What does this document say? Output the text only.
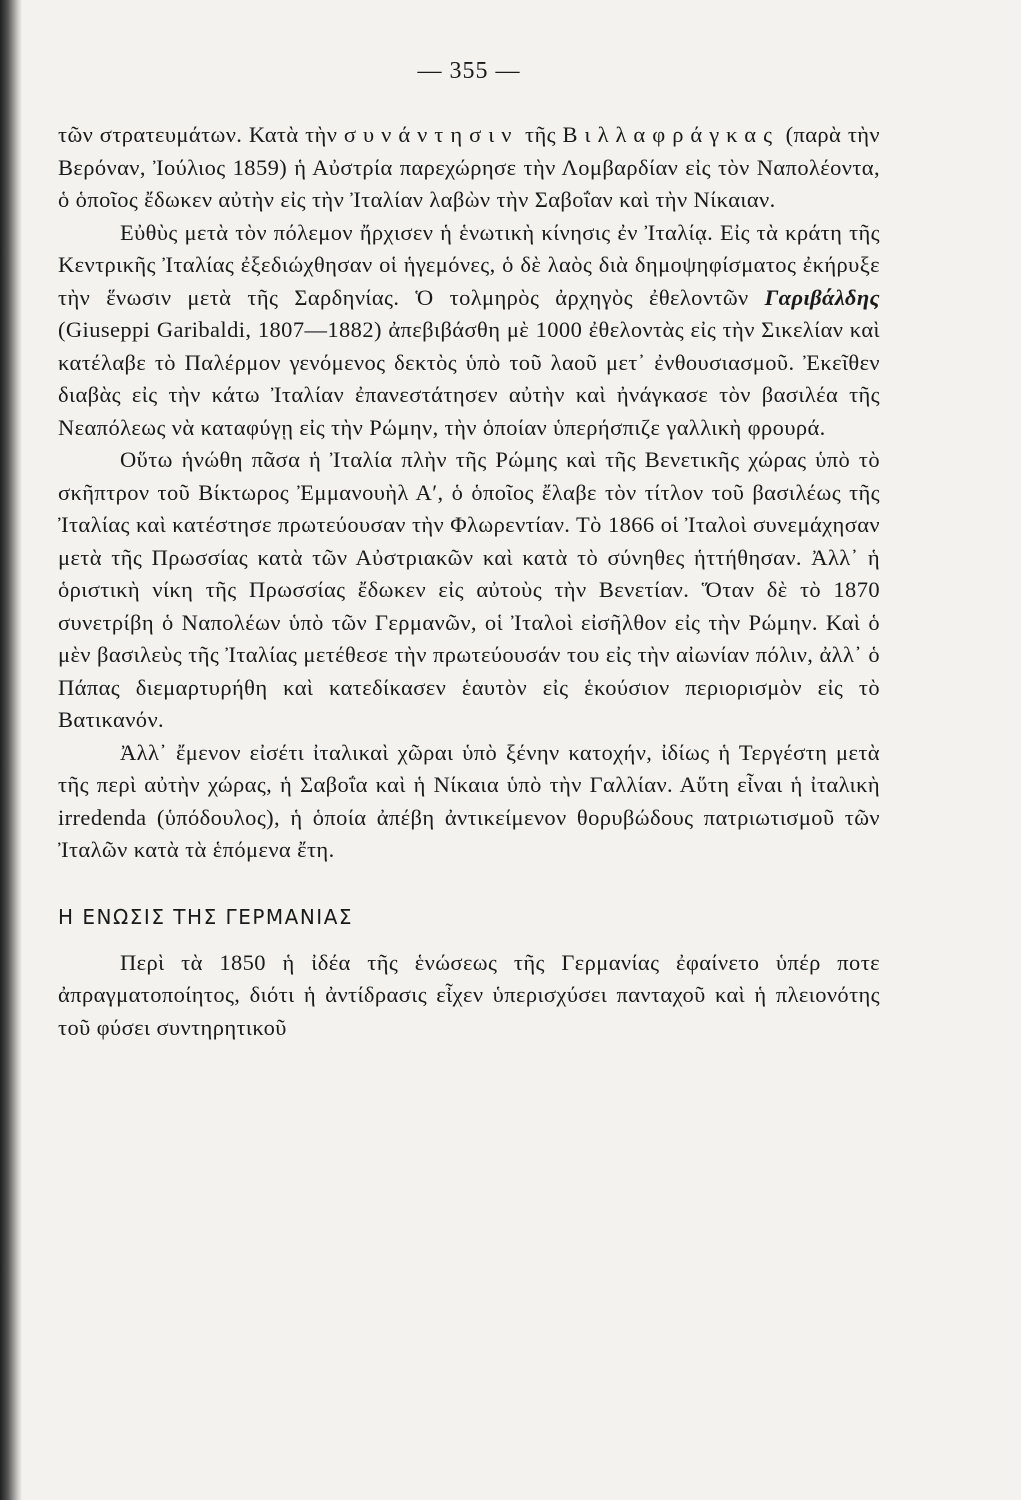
— 355 —

τῶν στρατευμάτων. Κατὰ τὴν συνάντησιν τῆς Βιλλαφράγκας (παρὰ τὴν Βερόναν, Ἰούλιος 1859) ἡ Αὐστρία παρεχώρησε τὴν Λομβαρδίαν εἰς τὸν Ναπολέοντα, ὁ ὁποῖος ἔδωκεν αὐτὴν εἰς τὴν Ἰταλίαν λαβὼν τὴν Σαβοΐαν καὶ τὴν Νίκαιαν.

Εὐθὺς μετὰ τὸν πόλεμον ἤρχισεν ἡ ἑνωτικὴ κίνησις ἐν Ἰταλίᾳ. Εἰς τὰ κράτη τῆς Κεντρικῆς Ἰταλίας ἐξεδιώχθησαν οἱ ἡγεμόνες, ὁ δὲ λαὸς διὰ δημοψηφίσματος ἐκήρυξε τὴν ἕνωσιν μετὰ τῆς Σαρδηνίας. Ὁ τολμηρὸς ἀρχηγὸς ἐθελοντῶν Γαριβάλδης (Giuseppi Garibaldi, 1807—1882) ἀπεβιβάσθη μὲ 1000 ἐθελοντὰς εἰς τὴν Σικελίαν καὶ κατέλαβε τὸ Παλέρμον γενόμενος δεκτὸς ὑπὸ τοῦ λαοῦ μετ᾽ ἐνθουσιασμοῦ. Ἐκεῖθεν διαβὰς εἰς τὴν κάτω Ἰταλίαν ἐπανεστάτησεν αὐτὴν καὶ ἠνάγκασε τὸν βασιλέα τῆς Νεαπόλεως νὰ καταφύγῃ εἰς τὴν Ρώμην, τὴν ὁποίαν ὑπερήσπιζε γαλλικὴ φρουρά.

Οὕτω ἡνώθη πᾶσα ἡ Ἰταλία πλὴν τῆς Ρώμης καὶ τῆς Βενετικῆς χώρας ὑπὸ τὸ σκῆπτρον τοῦ Βίκτωρος Ἐμμανουὴλ Α′, ὁ ὁποῖος ἔλαβε τὸν τίτλον τοῦ βασιλέως τῆς Ἰταλίας καὶ κατέστησε πρωτεύουσαν τὴν Φλωρεντίαν. Τὸ 1866 οἱ Ἰταλοὶ συνεμάχησαν μετὰ τῆς Πρωσσίας κατὰ τῶν Αὐστριακῶν καὶ κατὰ τὸ σύνηθες ἡττήθησαν. Ἀλλ᾽ ἡ ὁριστικὴ νίκη τῆς Πρωσσίας ἔδωκεν εἰς αὐτοὺς τὴν Βενετίαν. Ὅταν δὲ τὸ 1870 συνετρίβη ὁ Ναπολέων ὑπὸ τῶν Γερμανῶν, οἱ Ἰταλοὶ εἰσῆλθον εἰς τὴν Ρώμην. Καὶ ὁ μὲν βασιλεὺς τῆς Ἰταλίας μετέθεσε τὴν πρωτεύουσάν του εἰς τὴν αἰωνίαν πόλιν, ἀλλ᾽ ὁ Πάπας διεμαρτυρήθη καὶ κατεδίκασεν ἑαυτὸν εἰς ἑκούσιον περιορισμὸν εἰς τὸ Βατικανόν.

Ἀλλ᾽ ἔμενον εἰσέτι ἰταλικαὶ χῶραι ὑπὸ ξένην κατοχήν, ἰδίως ἡ Τεργέστη μετὰ τῆς περὶ αὐτὴν χώρας, ἡ Σαβοΐα καὶ ἡ Νίκαια ὑπὸ τὴν Γαλλίαν. Αὕτη εἶναι ἡ ἰταλικὴ irredenda (ὑπόδουλος), ἡ ὁποία ἀπέβη ἀντικείμενον θορυβώδους πατριωτισμοῦ τῶν Ἰταλῶν κατὰ τὰ ἑπόμενα ἔτη.

Η ΕΝΩΣΙΣ ΤΗΣ ΓΕΡΜΑΝΙΑΣ

Περὶ τὰ 1850 ἡ ἰδέα τῆς ἑνώσεως τῆς Γερμανίας ἐφαίνετο ὑπέρ ποτε ἀπραγματοποίητος, διότι ἡ ἀντίδρασις εἶχεν ὑπερισχύσει πανταχοῦ καὶ ἡ πλειονότης τοῦ φύσει συντηρητικοῦ
